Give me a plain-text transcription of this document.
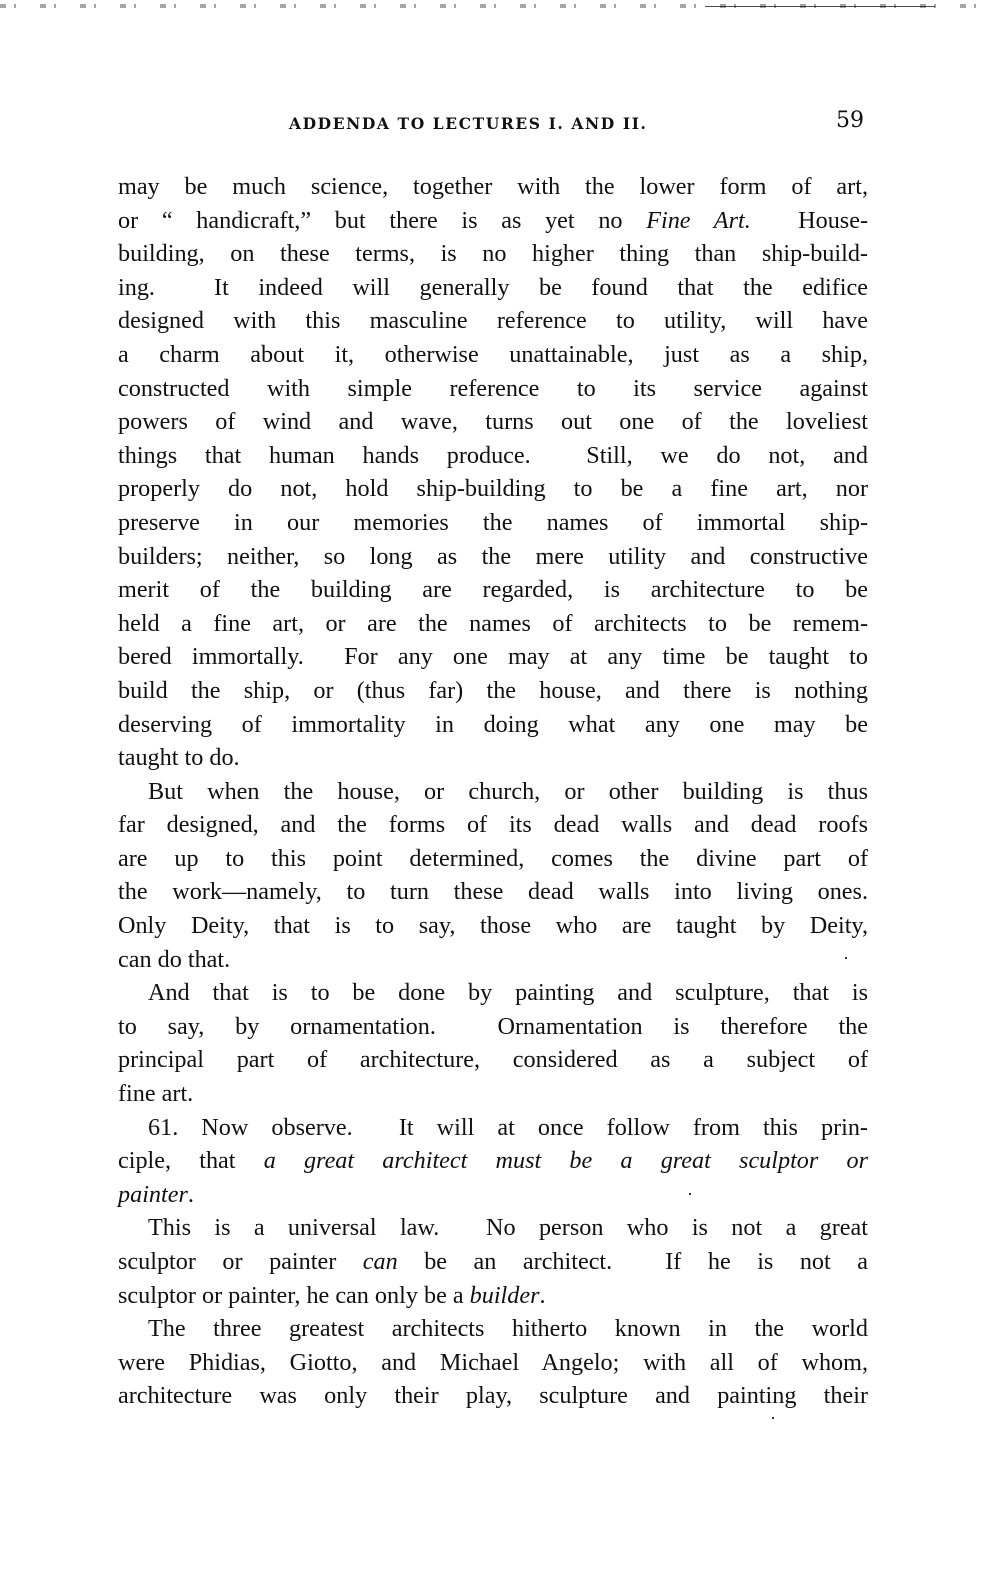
ADDENDA TO LECTURES I. AND II.	59
may be much science, together with the lower form of art,
or “ handicraft,” but there is as yet no Fine Art.  House-
building, on these terms, is no higher thing than ship-build-
ing.  It indeed will generally be found that the edifice
designed with this masculine reference to utility, will have
a charm about it, otherwise unattainable, just as a ship,
constructed with simple reference to its service against
powers of wind and wave, turns out one of the loveliest
things that human hands produce.  Still, we do not, and
properly do not, hold ship-building to be a fine art, nor
preserve in our memories the names of immortal ship-
builders; neither, so long as the mere utility and constructive
merit of the building are regarded, is architecture to be
held a fine art, or are the names of architects to be remem-
bered immortally.  For any one may at any time be taught to
build the ship, or (thus far) the house, and there is nothing
deserving of immortality in doing what any one may be
taught to do.
But when the house, or church, or other building is thus
far designed, and the forms of its dead walls and dead roofs
are up to this point determined, comes the divine part of
the work—namely, to turn these dead walls into living ones.
Only Deity, that is to say, those who are taught by Deity,
can do that.
And that is to be done by painting and sculpture, that is
to say, by ornamentation.  Ornamentation is therefore the
principal part of architecture, considered as a subject of
fine art.
61. Now observe.  It will at once follow from this prin-
ciple, that a great architect must be a great sculptor or
painter.
This is a universal law.  No person who is not a great
sculptor or painter can be an architect.  If he is not a
sculptor or painter, he can only be a builder.
The three greatest architects hitherto known in the world
were Phidias, Giotto, and Michael Angelo; with all of whom,
architecture was only their play, sculpture and painting their
